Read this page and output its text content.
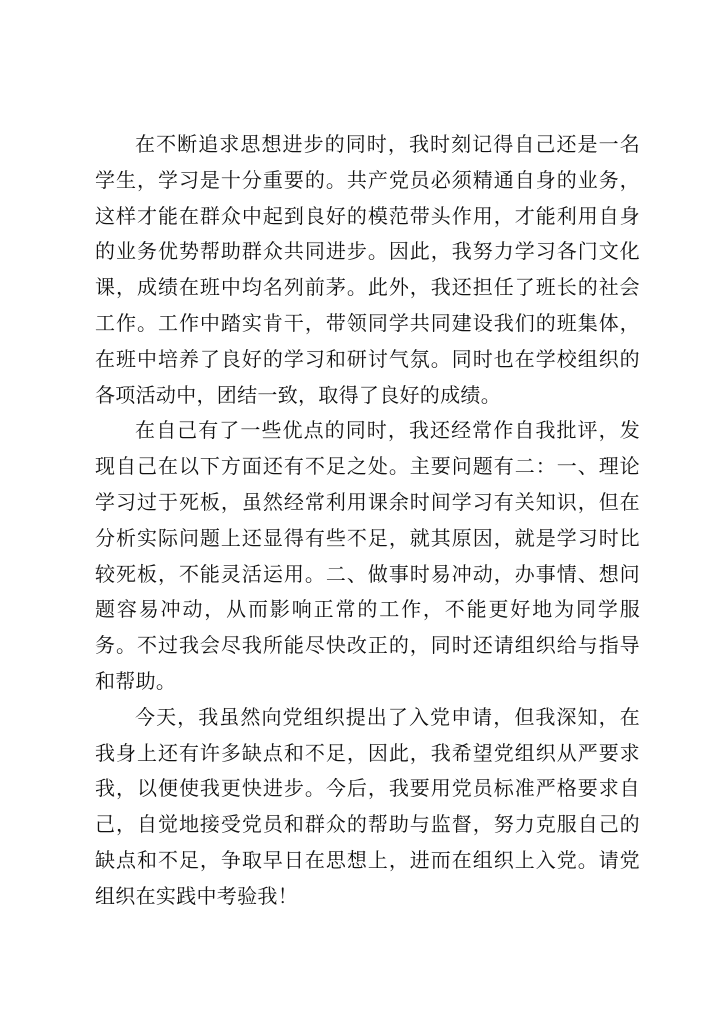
在不断追求思想进步的同时，我时刻记得自己还是一名学生，学习是十分重要的。共产党员必须精通自身的业务，这样才能在群众中起到良好的模范带头作用，才能利用自身的业务优势帮助群众共同进步。因此，我努力学习各门文化课，成绩在班中均名列前茅。此外，我还担任了班长的社会工作。工作中踏实肯干，带领同学共同建设我们的班集体，在班中培养了良好的学习和研讨气氛。同时也在学校组织的各项活动中，团结一致，取得了良好的成绩。

在自己有了一些优点的同时，我还经常作自我批评，发现自己在以下方面还有不足之处。主要问题有二：一、理论学习过于死板，虽然经常利用课余时间学习有关知识，但在分析实际问题上还显得有些不足，就其原因，就是学习时比较死板，不能灵活运用。二、做事时易冲动，办事情、想问题容易冲动，从而影响正常的工作，不能更好地为同学服务。不过我会尽我所能尽快改正的，同时还请组织给与指导和帮助。

今天，我虽然向党组织提出了入党申请，但我深知，在我身上还有许多缺点和不足，因此，我希望党组织从严要求我，以便使我更快进步。今后，我要用党员标准严格要求自己，自觉地接受党员和群众的帮助与监督，努力克服自己的缺点和不足，争取早日在思想上，进而在组织上入党。请党组织在实践中考验我！
